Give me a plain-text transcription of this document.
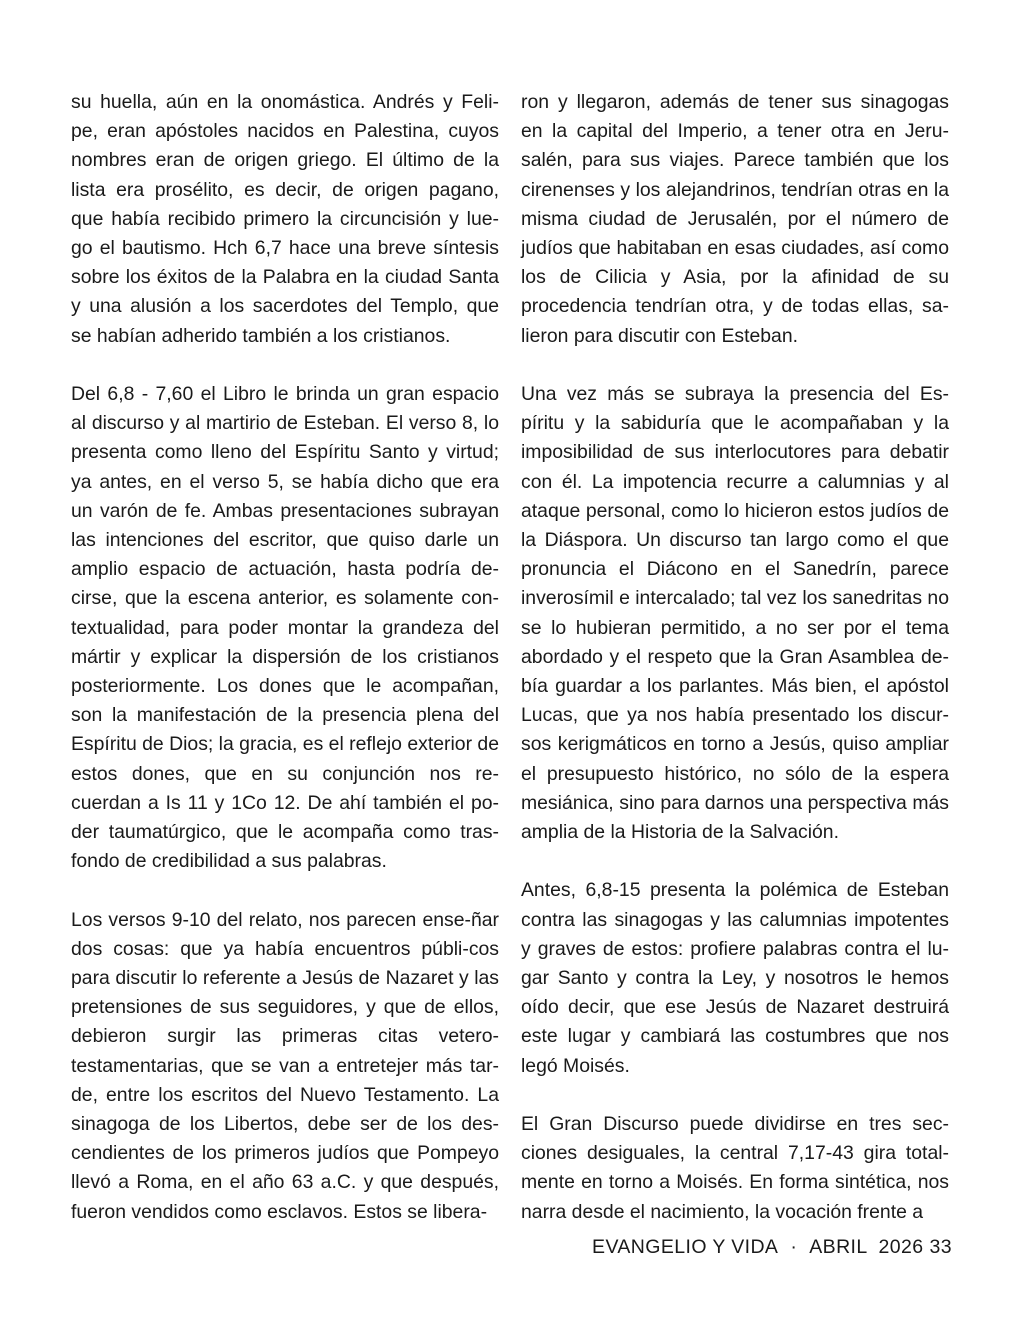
su huella, aún en la onomástica. Andrés y Feli-pe, eran apóstoles nacidos en Palestina, cuyos nombres eran de origen griego. El último de la lista era prosélito, es decir, de origen pagano, que había recibido primero la circuncisión y lue-go el bautismo. Hch 6,7 hace una breve síntesis sobre los éxitos de la Palabra en la ciudad Santa y una alusión a los sacerdotes del Templo, que se habían adherido también a los cristianos.

Del 6,8 - 7,60 el Libro le brinda un gran espacio al discurso y al martirio de Esteban. El verso 8, lo presenta como lleno del Espíritu Santo y virtud; ya antes, en el verso 5, se había dicho que era un varón de fe. Ambas presentaciones subrayan las intenciones del escritor, que quiso darle un amplio espacio de actuación, hasta podría de-cirse, que la escena anterior, es solamente con-textualidad, para poder montar la grandeza del mártir y explicar la dispersión de los cristianos posteriormente. Los dones que le acompañan, son la manifestación de la presencia plena del Espíritu de Dios; la gracia, es el reflejo exterior de estos dones, que en su conjunción nos re-cuerdan a Is 11 y 1Co 12. De ahí también el po-der taumatúrgico, que le acompaña como tras-fondo de credibilidad a sus palabras.

Los versos 9-10 del relato, nos parecen ense-ñar dos cosas: que ya había encuentros públi-cos para discutir lo referente a Jesús de Nazaret y las pretensiones de sus seguidores, y que de ellos, debieron surgir las primeras citas vetero-testamentarias, que se van a entretejer más tar-de, entre los escritos del Nuevo Testamento. La sinagoga de los Libertos, debe ser de los des-cendientes de los primeros judíos que Pompeyo llevó a Roma, en el año 63 a.C. y que después, fueron vendidos como esclavos. Estos se libera-

ron y llegaron, además de tener sus sinagogas en la capital del Imperio, a tener otra en Jeru-salén, para sus viajes. Parece también que los cirenenses y los alejandrinos, tendrían otras en la misma ciudad de Jerusalén, por el número de judíos que habitaban en esas ciudades, así como los de Cilicia y Asia, por la afinidad de su procedencia tendrían otra, y de todas ellas, sa-lieron para discutir con Esteban.

Una vez más se subraya la presencia del Es-píritu y la sabiduría que le acompañaban y la imposibilidad de sus interlocutores para debatir con él. La impotencia recurre a calumnias y al ataque personal, como lo hicieron estos judíos de la Diáspora. Un discurso tan largo como el que pronuncia el Diácono en el Sanedrín, parece inverosímil e intercalado; tal vez los sanedritas no se lo hubieran permitido, a no ser por el tema abordado y el respeto que la Gran Asamblea de-bía guardar a los parlantes. Más bien, el apóstol Lucas, que ya nos había presentado los discur-sos kerigmáticos en torno a Jesús, quiso ampliar el presupuesto histórico, no sólo de la espera mesiánica, sino para darnos una perspectiva más amplia de la Historia de la Salvación.

Antes, 6,8-15 presenta la polémica de Esteban contra las sinagogas y las calumnias impotentes y graves de estos: profiere palabras contra el lu-gar Santo y contra la Ley, y nosotros le hemos oído decir, que ese Jesús de Nazaret destruirá este lugar y cambiará las costumbres que nos legó Moisés.

El Gran Discurso puede dividirse en tres sec-ciones desiguales, la central 7,17-43 gira total-mente en torno a Moisés. En forma sintética, nos narra desde el nacimiento, la vocación frente a

EVANGELIO Y VIDA · ABRIL  2026 33
